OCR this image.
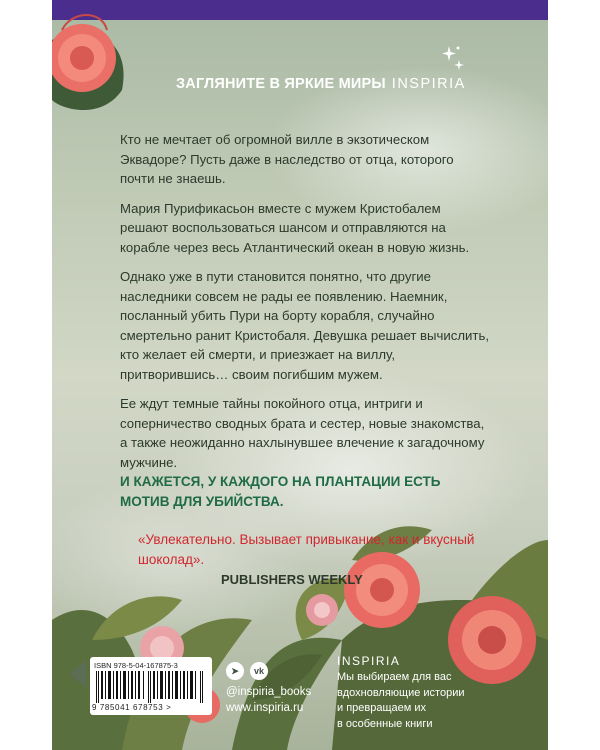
ЗАГЛЯНИТЕ В ЯРКИЕ МИРЫ INSPIRIA

Кто не мечтает об огромной вилле в экзотическом Эквадоре? Пусть даже в наследство от отца, которого почти не знаешь.

Мария Пурификасьон вместе с мужем Кристобалем решают воспользоваться шансом и отправляются на корабле через весь Атлантический океан в новую жизнь.

Однако уже в пути становится понятно, что другие наследники совсем не рады ее появлению. Наемник, посланный убить Пури на борту корабля, случайно смертельно ранит Кристобаля. Девушка решает вычислить, кто желает ей смерти, и приезжает на виллу, притворившись… своим погибшим мужем.

Ее ждут темные тайны покойного отца, интриги и соперничество сводных брата и сестер, новые знакомства, а также неожиданно нахлынувшее влечение к загадочному мужчине.

И КАЖЕТСЯ, У КАЖДОГО НА ПЛАНТАЦИИ ЕСТЬ МОТИВ ДЛЯ УБИЙСТВА.
«Увлекательно. Вызывает привыкание, как и вкусный шоколад».
PUBLISHERS WEEKLY
ISBN 978-5-04-167875-3
9 785041 678753 >
➤	vk
@inspiria_books
www.inspiria.ru
INSPIRIA
Мы выбираем для вас
вдохновляющие истории
и превращаем их
в особенные книги
